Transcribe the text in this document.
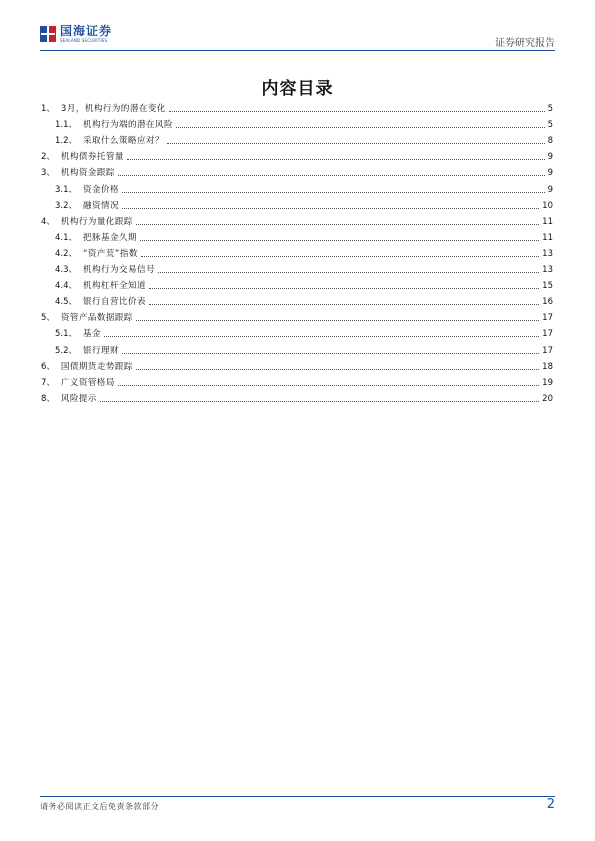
国海证券
SEALAND SECURITIES	证券研究报告
内容目录
1、 3月，机构行为的潜在变化	5
1.1、 机构行为端的潜在风险	5
1.2、 采取什么策略应对？	8
2、 机构债券托管量	9
3、 机构资金跟踪	9
3.1、 资金价格	9
3.2、 融资情况	10
4、 机构行为量化跟踪	11
4.1、 把脉基金久期	11
4.2、 “资产荒”指数	13
4.3、 机构行为交易信号	13
4.4、 机构杠杆全知道	15
4.5、 银行自营比价表	16
5、 资管产品数据跟踪	17
5.1、 基金	17
5.2、 银行理财	17
6、 国债期货走势跟踪	18
7、 广义资管格局	19
8、 风险提示	20
请务必阅读正文后免责条款部分	2
